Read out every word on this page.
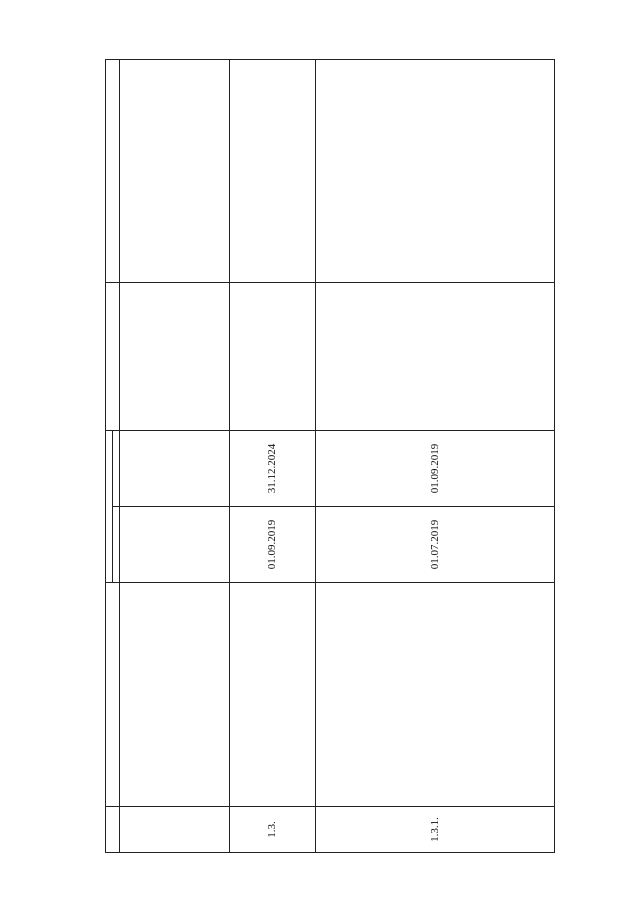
1.3.		01.09.2019	31.12.2024	

1.3.1.		01.07.2019	01.09.2019	
